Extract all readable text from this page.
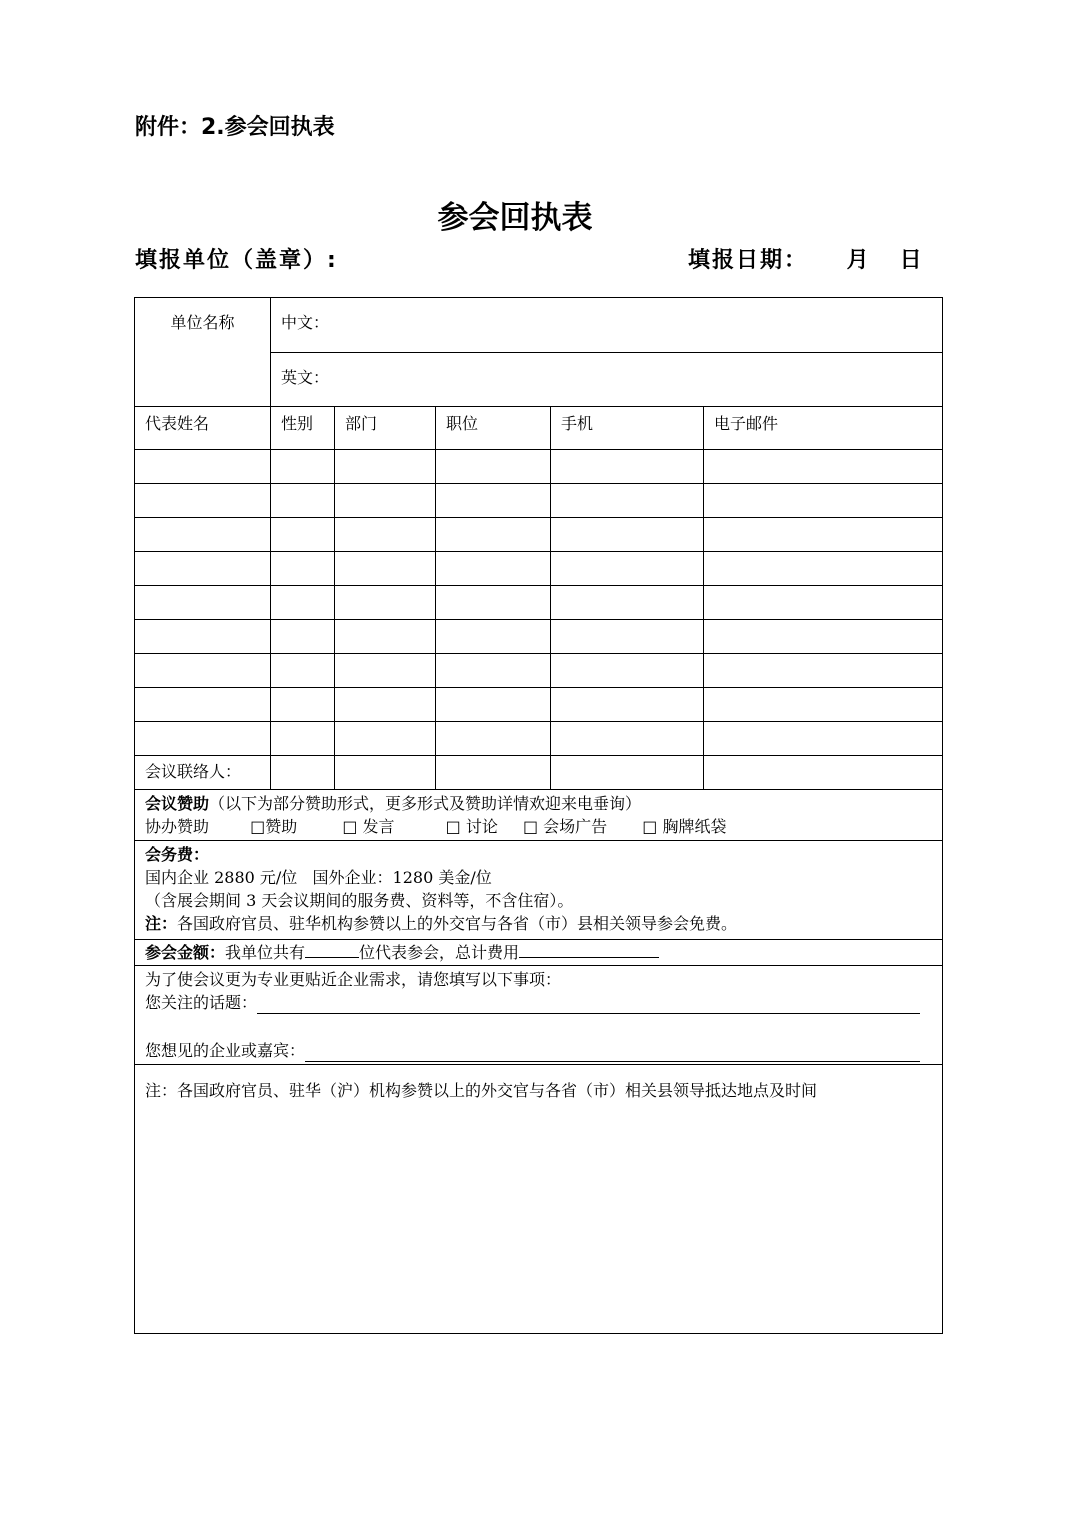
附件：2.参会回执表
参会回执表
填报单位（盖章）:	填报日期： 月 日
单位名称	中文：				
	英文：				
代表姓名	性别	部门	职位	手机	电子邮件

会议联络人：					

会议赞助（以下为部分赞助形式，更多形式及赞助详情欢迎来电垂询）
协办赞助 □赞助 □ 发言 □ 讨论 □ 会场广告 □ 胸牌纸袋					

会务费：
国内企业 2880 元/位   国外企业：1280 美金/位
（含展会期间 3 天会议期间的服务费、资料等，不含住宿）。
注：各国政府官员、驻华机构参赞以上的外交官与各省（市）县相关领导参会免费。					

参会金额：我单位共有 位代表参会，总计费用					

为了使会议更为专业更贴近企业需求，请您填写以下事项：
您关注的话题：
您想见的企业或嘉宾：					

注：各国政府官员、驻华（沪）机构参赞以上的外交官与各省（市）相关县领导抵达地点及时间					
